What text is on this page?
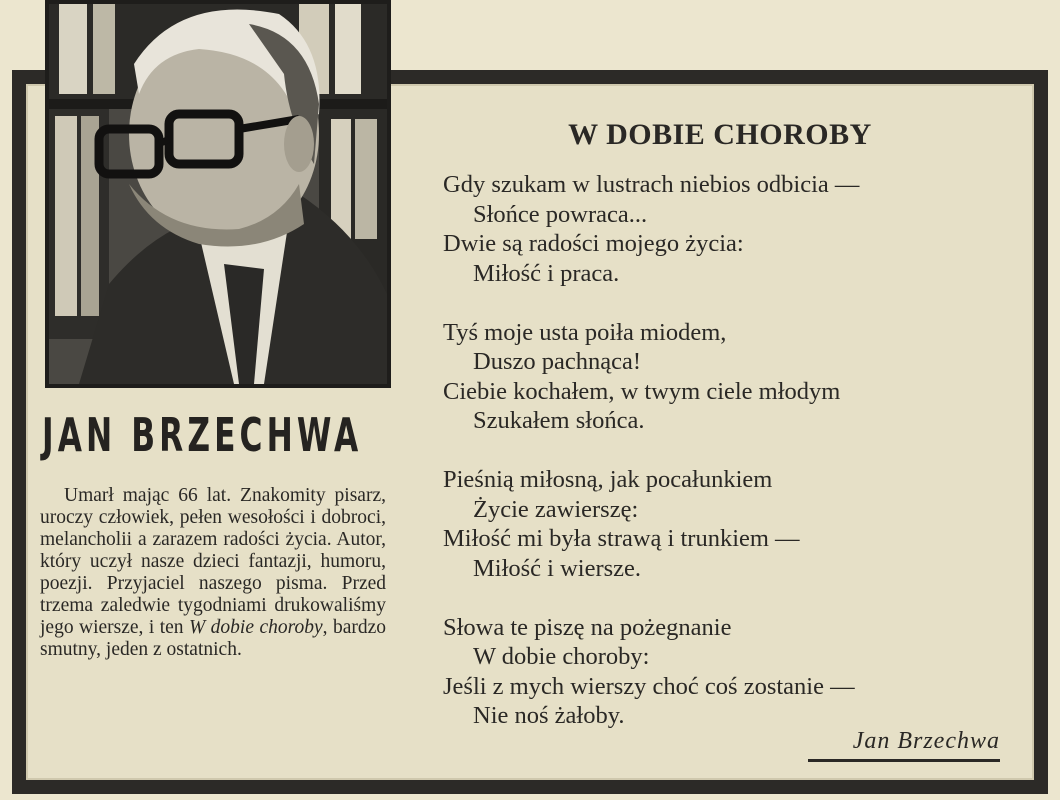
JAN BRZECHWA
Umarł mając 66 lat. Znakomity pisarz, uroczy człowiek, pełen wesołości i dobroci, melancholii a zarazem radości życia. Autor, który uczył nasze dzieci fantazji, humoru, poezji. Przyjaciel naszego pisma. Przed trzema zaledwie tygodniami drukowaliśmy jego wiersze, i ten W dobie choroby, bardzo smutny, jeden z ostatnich.
W DOBIE CHOROBY
Gdy szukam w lustrach niebios odbicia —
Słońce powraca...
Dwie są radości mojego życia:
Miłość i praca.
Tyś moje usta poiła miodem,
Duszo pachnąca!
Ciebie kochałem, w twym ciele młodym
Szukałem słońca.
Pieśnią miłosną, jak pocałunkiem
Życie zawierszę:
Miłość mi była strawą i trunkiem —
Miłość i wiersze.
Słowa te piszę na pożegnanie
W dobie choroby:
Jeśli z mych wierszy choć coś zostanie —
Nie noś żałoby.
Jan Brzechwa
